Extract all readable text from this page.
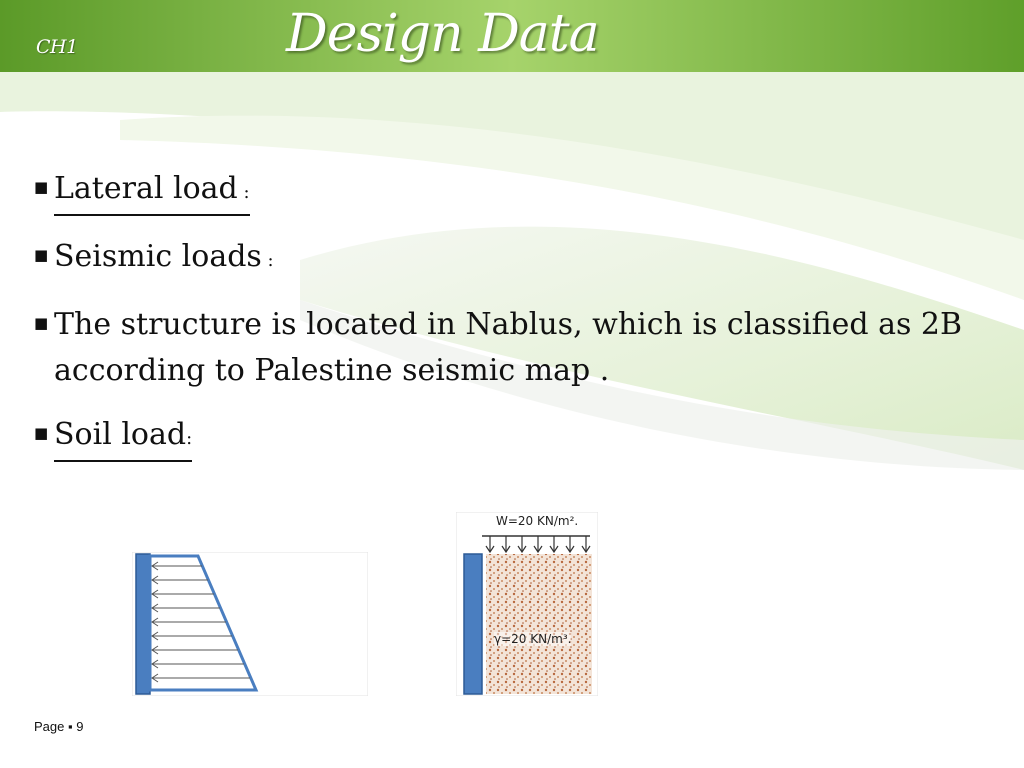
CH1	Design Data
■ Lateral load :
■ Seismic loads :
■ The structure is located in Nablus, which is classified as 2B according to Palestine seismic map .
■ Soil load:
W=20 KN/m².
γ=20 KN/m³.
Page ▪ 9
